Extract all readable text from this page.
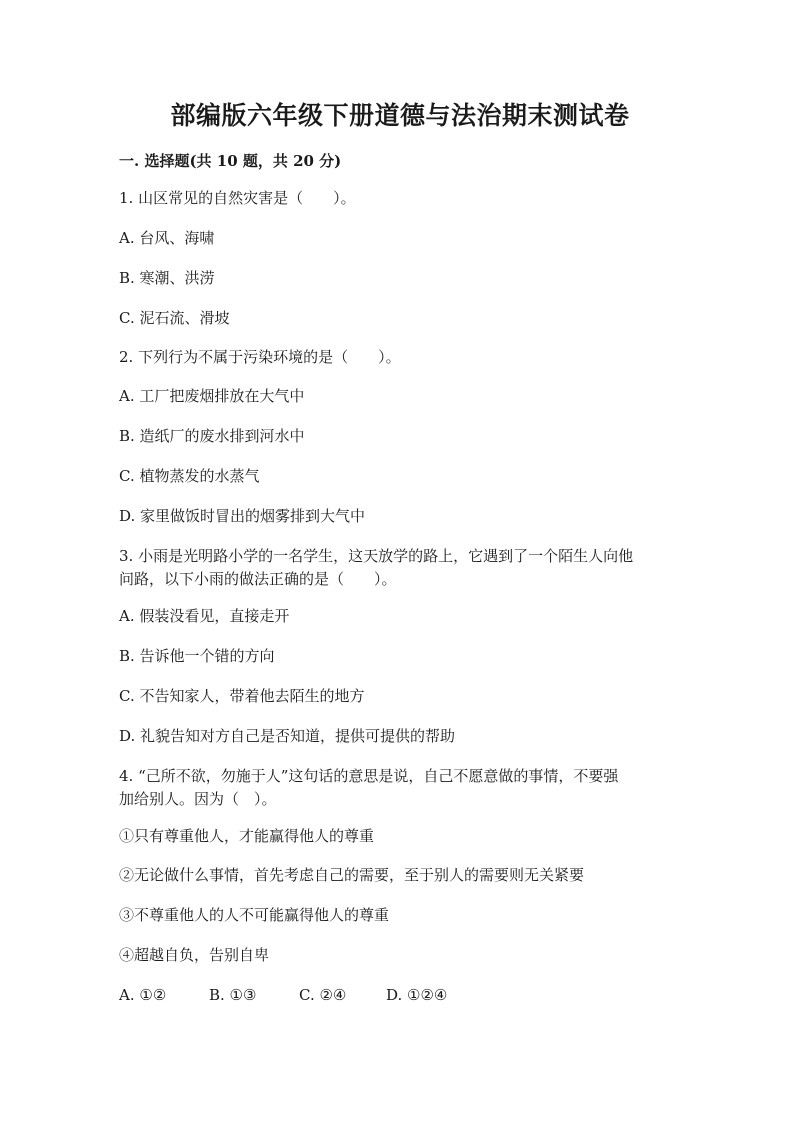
部编版六年级下册道德与法治期末测试卷
一. 选择题(共 10 题，共 20 分)
1. 山区常见的自然灾害是（　　）。
A. 台风、海啸
B. 寒潮、洪涝
C. 泥石流、滑坡
2. 下列行为不属于污染环境的是（　　）。
A. 工厂把废烟排放在大气中
B. 造纸厂的废水排到河水中
C. 植物蒸发的水蒸气
D. 家里做饭时冒出的烟雾排到大气中
3. 小雨是光明路小学的一名学生，这天放学的路上，它遇到了一个陌生人向他
问路，以下小雨的做法正确的是（　　）。
A. 假装没看见，直接走开
B. 告诉他一个错的方向
C. 不告知家人，带着他去陌生的地方
D. 礼貌告知对方自己是否知道，提供可提供的帮助
4. “己所不欲，勿施于人”这句话的意思是说，自己不愿意做的事情，不要强
加给别人。因为（　）。
①只有尊重他人，才能赢得他人的尊重
②无论做什么事情，首先考虑自己的需要，至于别人的需要则无关紧要
③不尊重他人的人不可能赢得他人的尊重
④超越自负，告别自卑
A. ①②	B. ①③	C. ②④	D. ①②④
